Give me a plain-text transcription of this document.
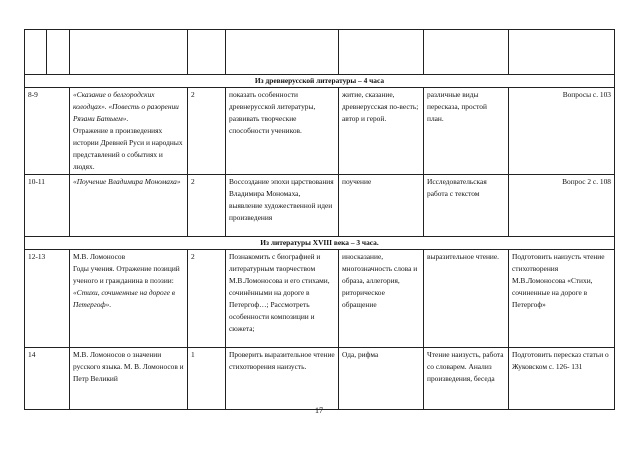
Из древнерусской литературы – 4 часа							
8-9		«Сказание о белгородских колодцах». «Повесть о разорении Рязани Батыем».
Отражение в произведениях истории Древней Руси и народных представлений о событиях и людях.	2	показать особенности древнерусской литературы, развивать творческие способности учеников.	житие, сказание, древнерусская по-весть; автор и герой.	различные виды пересказа, простой план.	Вопросы с. 103
10-11		«Поучение Владимира Мономаха»	2	Воссоздание эпохи царствования Владимира Мономаха, выявление художественной идеи произведения	поучение	Исследовательская работа с текстом	Вопрос 2 с. 108
Из литературы XVIII века – 3 часа.							
12-13		М.В. Ломоносов
Годы учения. Отражение позиций ученого и гражданина в поэзии:
«Стихи, сочиненные на дороге в Петергоф».	2	Познакомить с биографией и литературным творчеством М.В.Ломоносова и его стихами, сочинёнными на дороге в Петергоф…; Рассмотреть особенности композиции и сюжета;	иносказание, многозначность слова и образа, аллегория, риторическое обращение	выразительное чтение.	Подготовить наизусть чтение стихотворения М.В.Ломоносова «Стихи, сочиненные на дороге в Петергоф»
14		М.В. Ломоносов о значении русского языка. М. В. Ломоносов и Петр Великий	1	Проверить выразительное чтение стихотворения наизусть.	Ода, рифма	Чтение наизусть, работа со словарем. Анализ произведения, беседа	Подготовить пересказ статьи о Жуковском с. 126- 131
17
